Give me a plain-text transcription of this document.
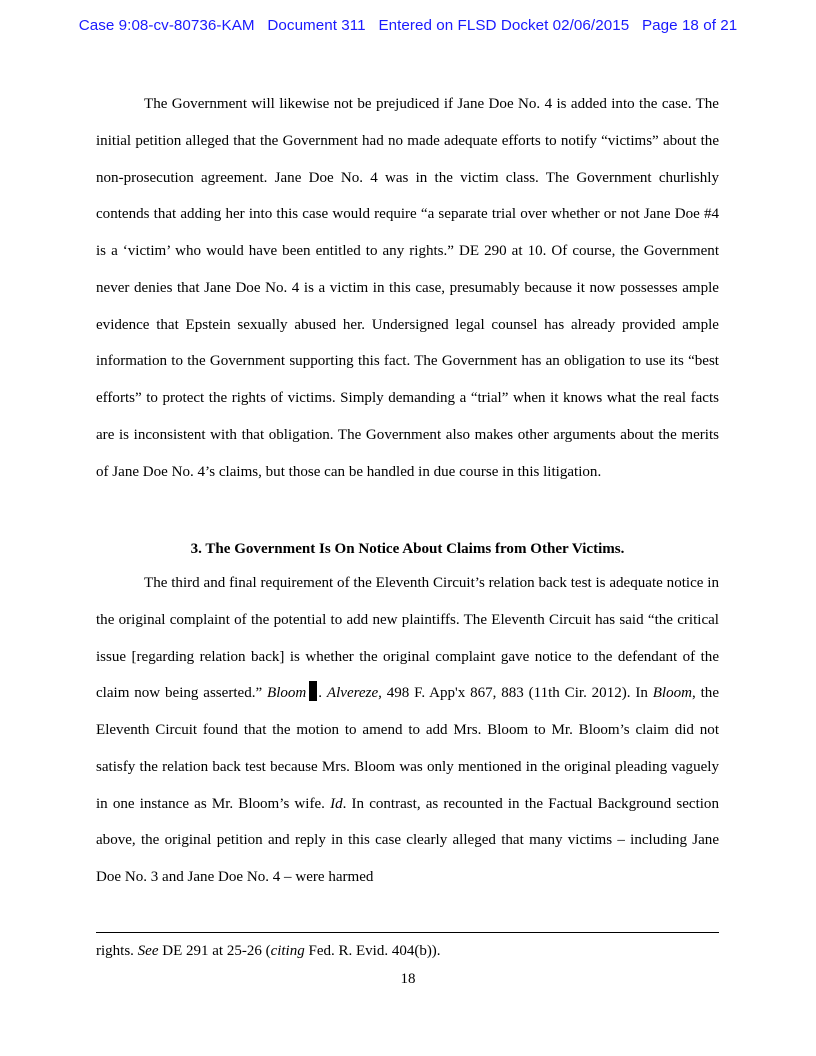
Case 9:08-cv-80736-KAM Document 311 Entered on FLSD Docket 02/06/2015 Page 18 of 21

The Government will likewise not be prejudiced if Jane Doe No. 4 is added into the case. The initial petition alleged that the Government had no made adequate efforts to notify “victims” about the non-prosecution agreement. Jane Doe No. 4 was in the victim class. The Government churlishly contends that adding her into this case would require “a separate trial over whether or not Jane Doe #4 is a ‘victim’ who would have been entitled to any rights.” DE 290 at 10. Of course, the Government never denies that Jane Doe No. 4 is a victim in this case, presumably because it now possesses ample evidence that Epstein sexually abused her. Undersigned legal counsel has already provided ample information to the Government supporting this fact. The Government has an obligation to use its “best efforts” to protect the rights of victims. Simply demanding a “trial” when it knows what the real facts are is inconsistent with that obligation. The Government also makes other arguments about the merits of Jane Doe No. 4’s claims, but those can be handled in due course in this litigation.

3. The Government Is On Notice About Claims from Other Victims.

The third and final requirement of the Eleventh Circuit’s relation back test is adequate notice in the original complaint of the potential to add new plaintiffs. The Eleventh Circuit has said “the critical issue [regarding relation back] is whether the original complaint gave notice to the defendant of the claim now being asserted.” Bloom . Alvereze, 498 F. App'x 867, 883 (11th Cir. 2012). In Bloom, the Eleventh Circuit found that the motion to amend to add Mrs. Bloom to Mr. Bloom’s claim did not satisfy the relation back test because Mrs. Bloom was only mentioned in the original pleading vaguely in one instance as Mr. Bloom’s wife. Id. In contrast, as recounted in the Factual Background section above, the original petition and reply in this case clearly alleged that many victims – including Jane Doe No. 3 and Jane Doe No. 4 – were harmed

rights. See DE 291 at 25-26 (citing Fed. R. Evid. 404(b)).
18
